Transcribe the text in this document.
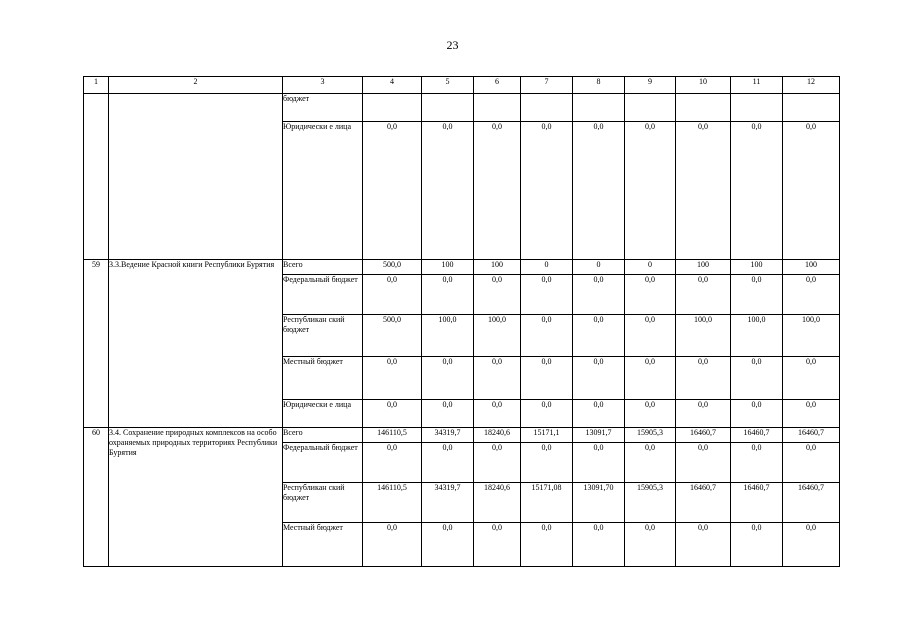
23
1	2	3	4	5	6	7	8	9	10	11	12
		бюджет									
		Юридически е лица	0,0	0,0	0,0	0,0	0,0	0,0	0,0	0,0	0,0
59	3.3.Ведение Красной книги Республики Бурятия	Всего	500,0	100	100	0	0	0	100	100	100
		Федеральный бюджет	0,0	0,0	0,0	0,0	0,0	0,0	0,0	0,0	0,0
		Республикан ский бюджет	500,0	100,0	100,0	0,0	0,0	0,0	100,0	100,0	100,0
		Местный бюджет	0,0	0,0	0,0	0,0	0,0	0,0	0,0	0,0	0,0
		Юридически е лица	0,0	0,0	0,0	0,0	0,0	0,0	0,0	0,0	0,0
60	3.4. Сохранение природных комплексов на особо охраняемых природных территориях Республики Бурятия	Всего	146110,5	34319,7	18240,6	15171,1	13091,7	15905,3	16460,7	16460,7	16460,7
		Федеральный бюджет	0,0	0,0	0,0	0,0	0,0	0,0	0,0	0,0	0,0
		Республикан ский бюджет	146110,5	34319,7	18240,6	15171,08	13091,70	15905,3	16460,7	16460,7	16460,7
		Местный бюджет	0,0	0,0	0,0	0,0	0,0	0,0	0,0	0,0	0,0
